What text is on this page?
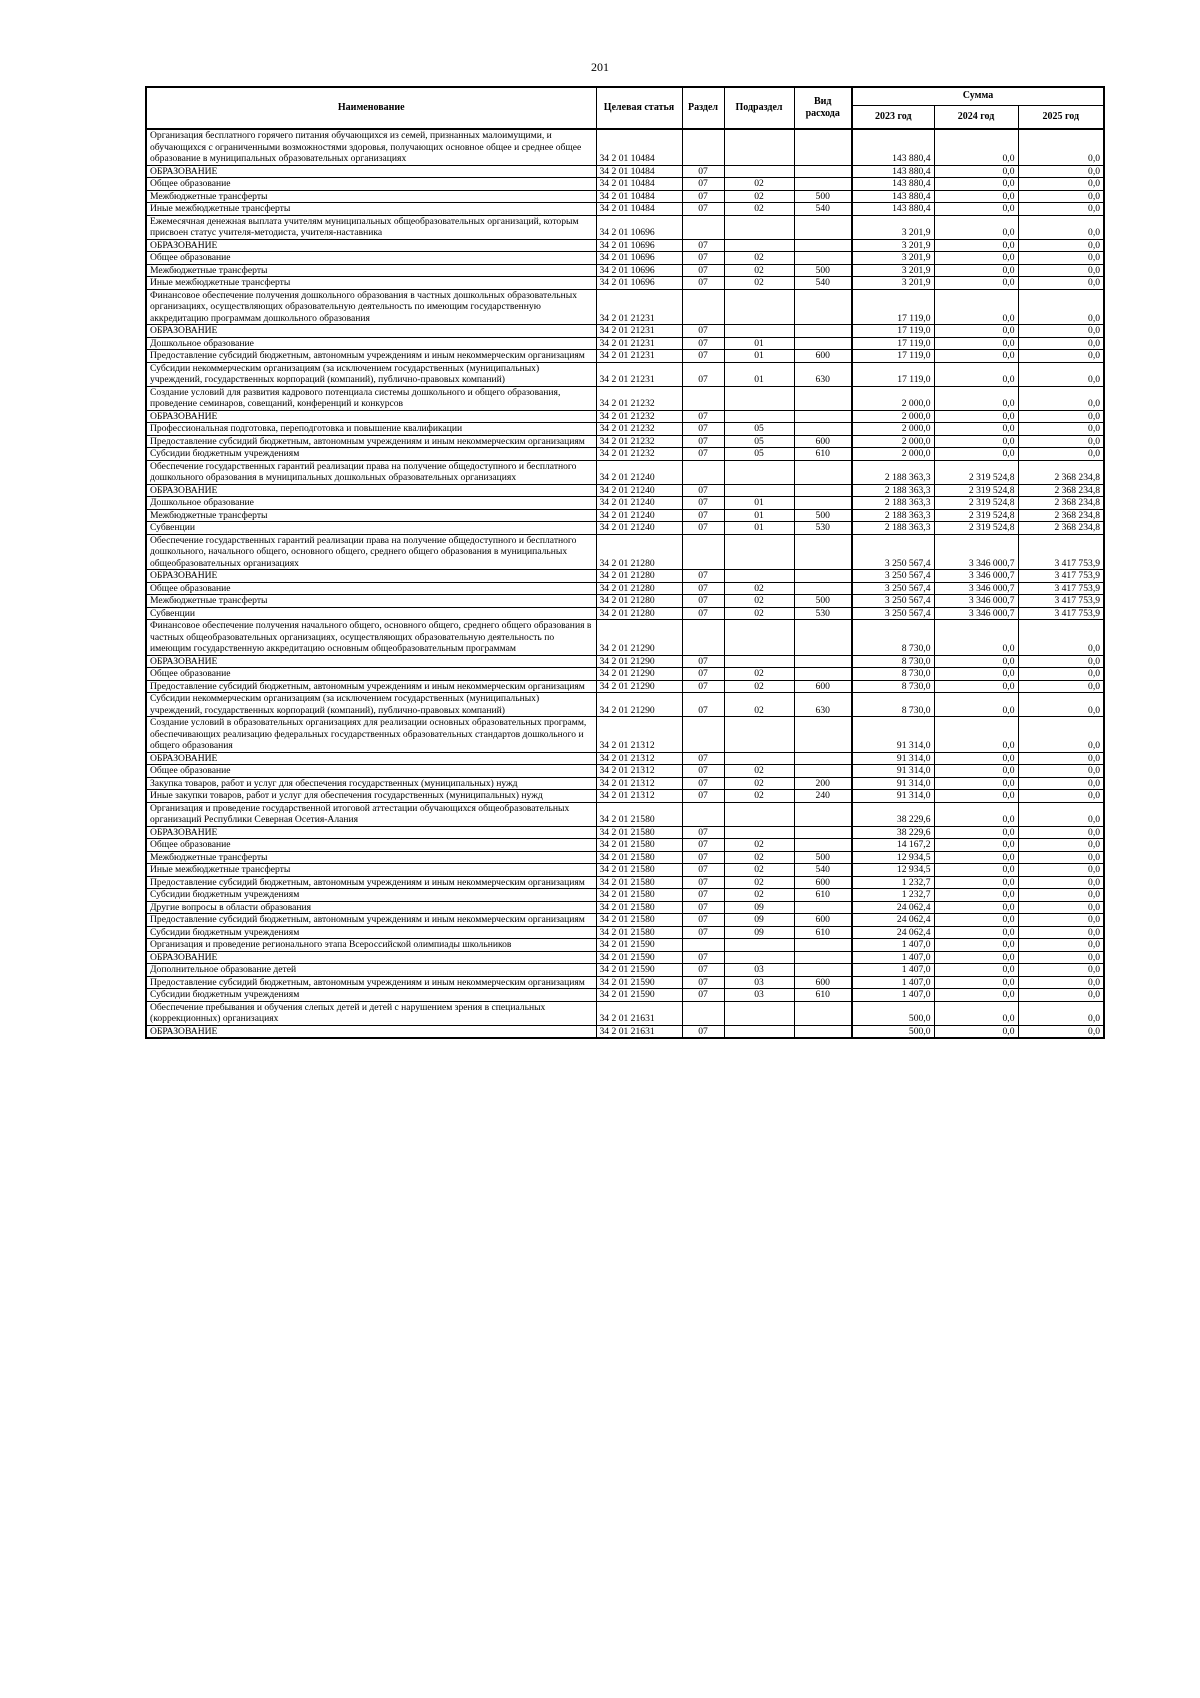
201
Наименование	Целевая статья	Раздел	Подраздел	Вид расхода	Сумма		
					2023 год	2024 год	2025 год
Организация бесплатного горячего питания обучающихся из семей, признанных малоимущими, и обучающихся с ограниченными возможностями здоровья, получающих основное общее и среднее общее образование в муниципальных образовательных организациях	34 2 01 10484				143 880,4	0,0	0,0
ОБРАЗОВАНИЕ	34 2 01 10484	07			143 880,4	0,0	0,0
Общее образование	34 2 01 10484	07	02		143 880,4	0,0	0,0
Межбюджетные трансферты	34 2 01 10484	07	02	500	143 880,4	0,0	0,0
Иные межбюджетные трансферты	34 2 01 10484	07	02	540	143 880,4	0,0	0,0
Ежемесячная денежная выплата учителям муниципальных общеобразовательных организаций, которым присвоен статус учителя-методиста, учителя-наставника	34 2 01 10696				3 201,9	0,0	0,0
ОБРАЗОВАНИЕ	34 2 01 10696	07			3 201,9	0,0	0,0
Общее образование	34 2 01 10696	07	02		3 201,9	0,0	0,0
Межбюджетные трансферты	34 2 01 10696	07	02	500	3 201,9	0,0	0,0
Иные межбюджетные трансферты	34 2 01 10696	07	02	540	3 201,9	0,0	0,0
Финансовое обеспечение получения дошкольного образования в частных дошкольных образовательных организациях, осуществляющих образовательную деятельность по имеющим государственную аккредитацию программам дошкольного образования	34 2 01 21231				17 119,0	0,0	0,0
ОБРАЗОВАНИЕ	34 2 01 21231	07			17 119,0	0,0	0,0
Дошкольное образование	34 2 01 21231	07	01		17 119,0	0,0	0,0
Предоставление субсидий бюджетным, автономным учреждениям и иным некоммерческим организациям	34 2 01 21231	07	01	600	17 119,0	0,0	0,0
Субсидии некоммерческим организациям (за исключением государственных (муниципальных) учреждений, государственных корпораций (компаний), публично-правовых компаний)	34 2 01 21231	07	01	630	17 119,0	0,0	0,0
Создание условий для развития кадрового потенциала системы дошкольного и общего образования, проведение семинаров, совещаний, конференций и конкурсов	34 2 01 21232				2 000,0	0,0	0,0
ОБРАЗОВАНИЕ	34 2 01 21232	07			2 000,0	0,0	0,0
Профессиональная подготовка, переподготовка и повышение квалификации	34 2 01 21232	07	05		2 000,0	0,0	0,0
Предоставление субсидий бюджетным, автономным учреждениям и иным некоммерческим организациям	34 2 01 21232	07	05	600	2 000,0	0,0	0,0
Субсидии бюджетным учреждениям	34 2 01 21232	07	05	610	2 000,0	0,0	0,0
Обеспечение государственных гарантий реализации права на получение общедоступного и бесплатного дошкольного образования в муниципальных дошкольных образовательных организациях	34 2 01 21240				2 188 363,3	2 319 524,8	2 368 234,8
ОБРАЗОВАНИЕ	34 2 01 21240	07			2 188 363,3	2 319 524,8	2 368 234,8
Дошкольное образование	34 2 01 21240	07	01		2 188 363,3	2 319 524,8	2 368 234,8
Межбюджетные трансферты	34 2 01 21240	07	01	500	2 188 363,3	2 319 524,8	2 368 234,8
Субвенции	34 2 01 21240	07	01	530	2 188 363,3	2 319 524,8	2 368 234,8
Обеспечение государственных гарантий реализации права на получение общедоступного и бесплатного дошкольного, начального общего, основного общего, среднего общего образования в муниципальных общеобразовательных организациях	34 2 01 21280				3 250 567,4	3 346 000,7	3 417 753,9
ОБРАЗОВАНИЕ	34 2 01 21280	07			3 250 567,4	3 346 000,7	3 417 753,9
Общее образование	34 2 01 21280	07	02		3 250 567,4	3 346 000,7	3 417 753,9
Межбюджетные трансферты	34 2 01 21280	07	02	500	3 250 567,4	3 346 000,7	3 417 753,9
Субвенции	34 2 01 21280	07	02	530	3 250 567,4	3 346 000,7	3 417 753,9
Финансовое обеспечение получения начального общего, основного общего, среднего общего образования в частных общеобразовательных организациях, осуществляющих образовательную деятельность по имеющим государственную аккредитацию основным общеобразовательным программам	34 2 01 21290				8 730,0	0,0	0,0
ОБРАЗОВАНИЕ	34 2 01 21290	07			8 730,0	0,0	0,0
Общее образование	34 2 01 21290	07	02		8 730,0	0,0	0,0
Предоставление субсидий бюджетным, автономным учреждениям и иным некоммерческим организациям	34 2 01 21290	07	02	600	8 730,0	0,0	0,0
Субсидии некоммерческим организациям (за исключением государственных (муниципальных) учреждений, государственных корпораций (компаний), публично-правовых компаний)	34 2 01 21290	07	02	630	8 730,0	0,0	0,0
Создание условий в образовательных организациях для реализации основных образовательных программ, обеспечивающих реализацию федеральных государственных образовательных стандартов дошкольного и общего образования	34 2 01 21312				91 314,0	0,0	0,0
ОБРАЗОВАНИЕ	34 2 01 21312	07			91 314,0	0,0	0,0
Общее образование	34 2 01 21312	07	02		91 314,0	0,0	0,0
Закупка товаров, работ и услуг для обеспечения государственных (муниципальных) нужд	34 2 01 21312	07	02	200	91 314,0	0,0	0,0
Иные закупки товаров, работ и услуг для обеспечения государственных (муниципальных) нужд	34 2 01 21312	07	02	240	91 314,0	0,0	0,0
Организация и проведение государственной итоговой аттестации обучающихся общеобразовательных организаций Республики Северная Осетия-Алания	34 2 01 21580				38 229,6	0,0	0,0
ОБРАЗОВАНИЕ	34 2 01 21580	07			38 229,6	0,0	0,0
Общее образование	34 2 01 21580	07	02		14 167,2	0,0	0,0
Межбюджетные трансферты	34 2 01 21580	07	02	500	12 934,5	0,0	0,0
Иные межбюджетные трансферты	34 2 01 21580	07	02	540	12 934,5	0,0	0,0
Предоставление субсидий бюджетным, автономным учреждениям и иным некоммерческим организациям	34 2 01 21580	07	02	600	1 232,7	0,0	0,0
Субсидии бюджетным учреждениям	34 2 01 21580	07	02	610	1 232,7	0,0	0,0
Другие вопросы в области образования	34 2 01 21580	07	09		24 062,4	0,0	0,0
Предоставление субсидий бюджетным, автономным учреждениям и иным некоммерческим организациям	34 2 01 21580	07	09	600	24 062,4	0,0	0,0
Субсидии бюджетным учреждениям	34 2 01 21580	07	09	610	24 062,4	0,0	0,0
Организация и проведение регионального этапа Всероссийской олимпиады школьников	34 2 01 21590				1 407,0	0,0	0,0
ОБРАЗОВАНИЕ	34 2 01 21590	07			1 407,0	0,0	0,0
Дополнительное образование детей	34 2 01 21590	07	03		1 407,0	0,0	0,0
Предоставление субсидий бюджетным, автономным учреждениям и иным некоммерческим организациям	34 2 01 21590	07	03	600	1 407,0	0,0	0,0
Субсидии бюджетным учреждениям	34 2 01 21590	07	03	610	1 407,0	0,0	0,0
Обеспечение пребывания и обучения слепых детей и детей с нарушением зрения в специальных (коррекционных) организациях	34 2 01 21631				500,0	0,0	0,0
ОБРАЗОВАНИЕ	34 2 01 21631	07			500,0	0,0	0,0
